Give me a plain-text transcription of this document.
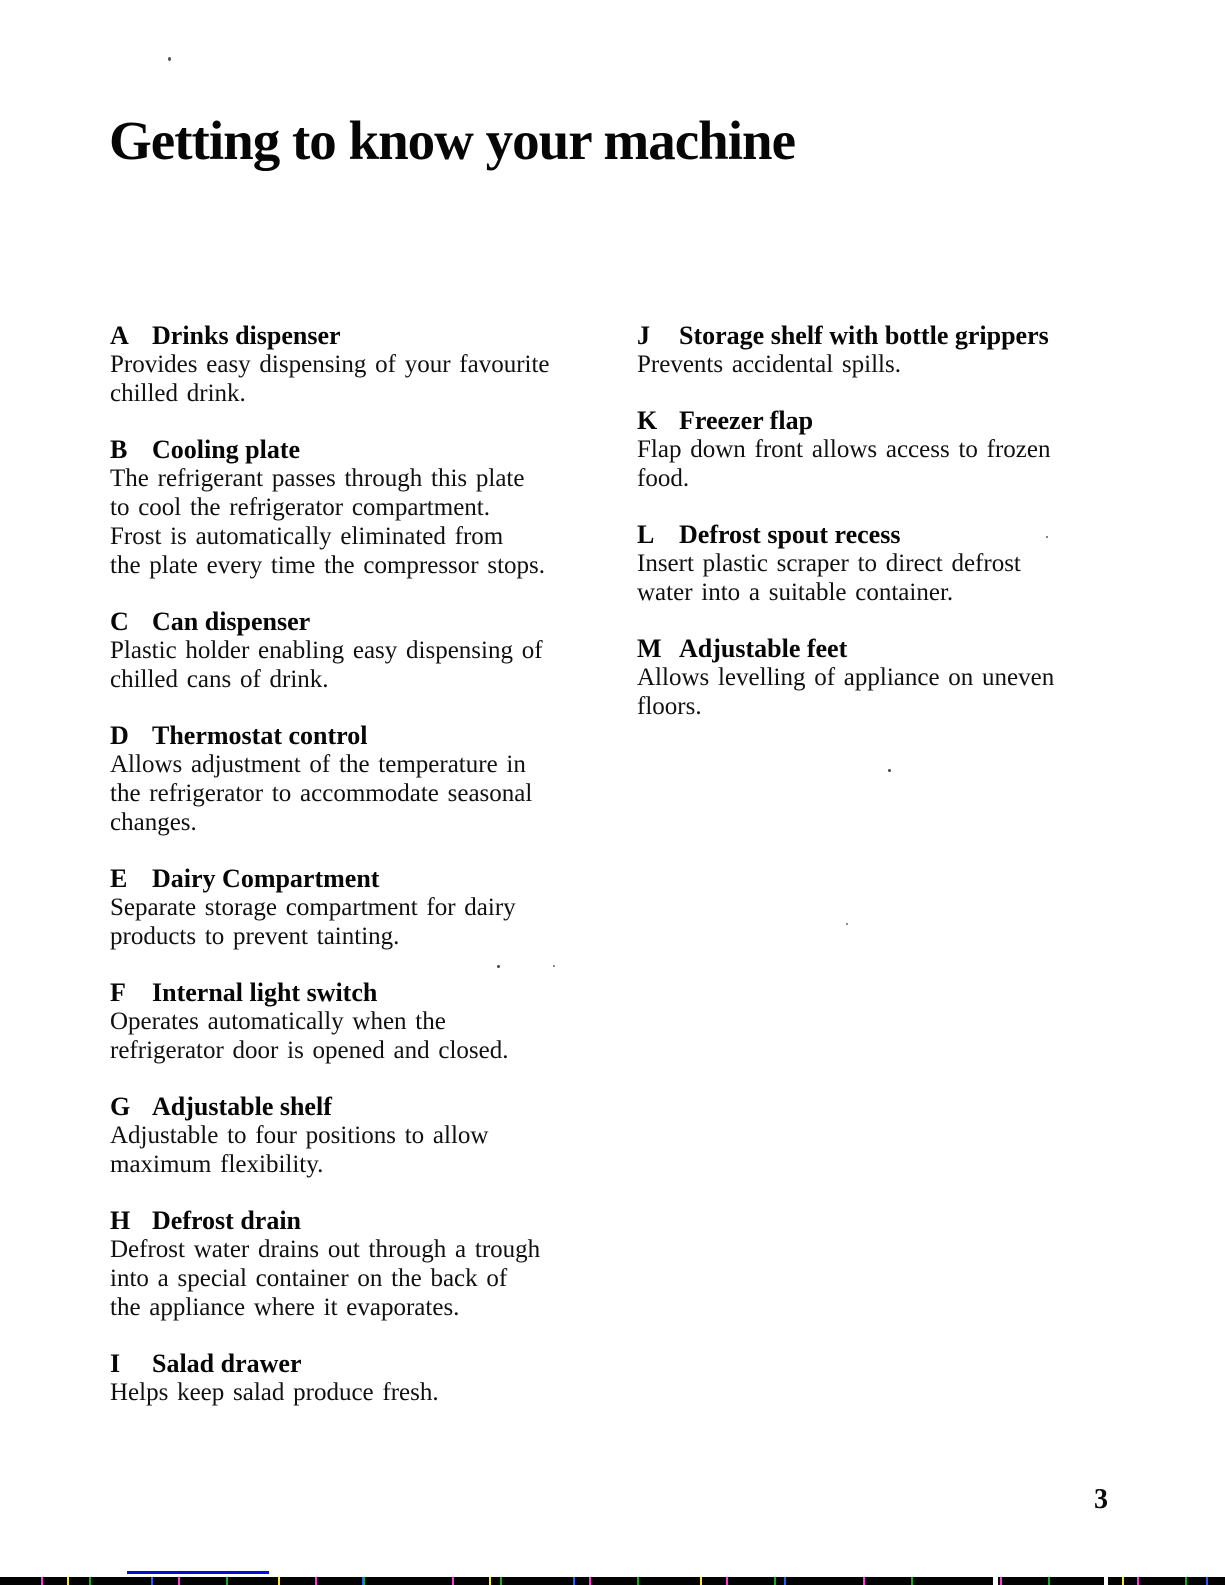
Getting to know your machine
A Drinks dispenser
Provides easy dispensing of your favourite
chilled drink.
B Cooling plate
The refrigerant passes through this plate
to cool the refrigerator compartment.
Frost is automatically eliminated from
the plate every time the compressor stops.
C Can dispenser
Plastic holder enabling easy dispensing of
chilled cans of drink.
D Thermostat control
Allows adjustment of the temperature in
the refrigerator to accommodate seasonal
changes.
E Dairy Compartment
Separate storage compartment for dairy
products to prevent tainting.
F	Internal light switch
Operates automatically when the
refrigerator door is opened and closed.
G Adjustable shelf
Adjustable to four positions to allow
maximum flexibility.
H Defrost drain
Defrost water drains out through a trough
into a special container on the back of
the appliance where it evaporates.
I	Salad drawer
Helps keep salad produce fresh.
J	Storage shelf with bottle grippers
Prevents accidental spills.
K Freezer flap
Flap down front allows access to frozen
food.
L Defrost spout recess
Insert plastic scraper to direct defrost
water into a suitable container.
M Adjustable feet
Allows levelling of appliance on uneven
floors.
3
